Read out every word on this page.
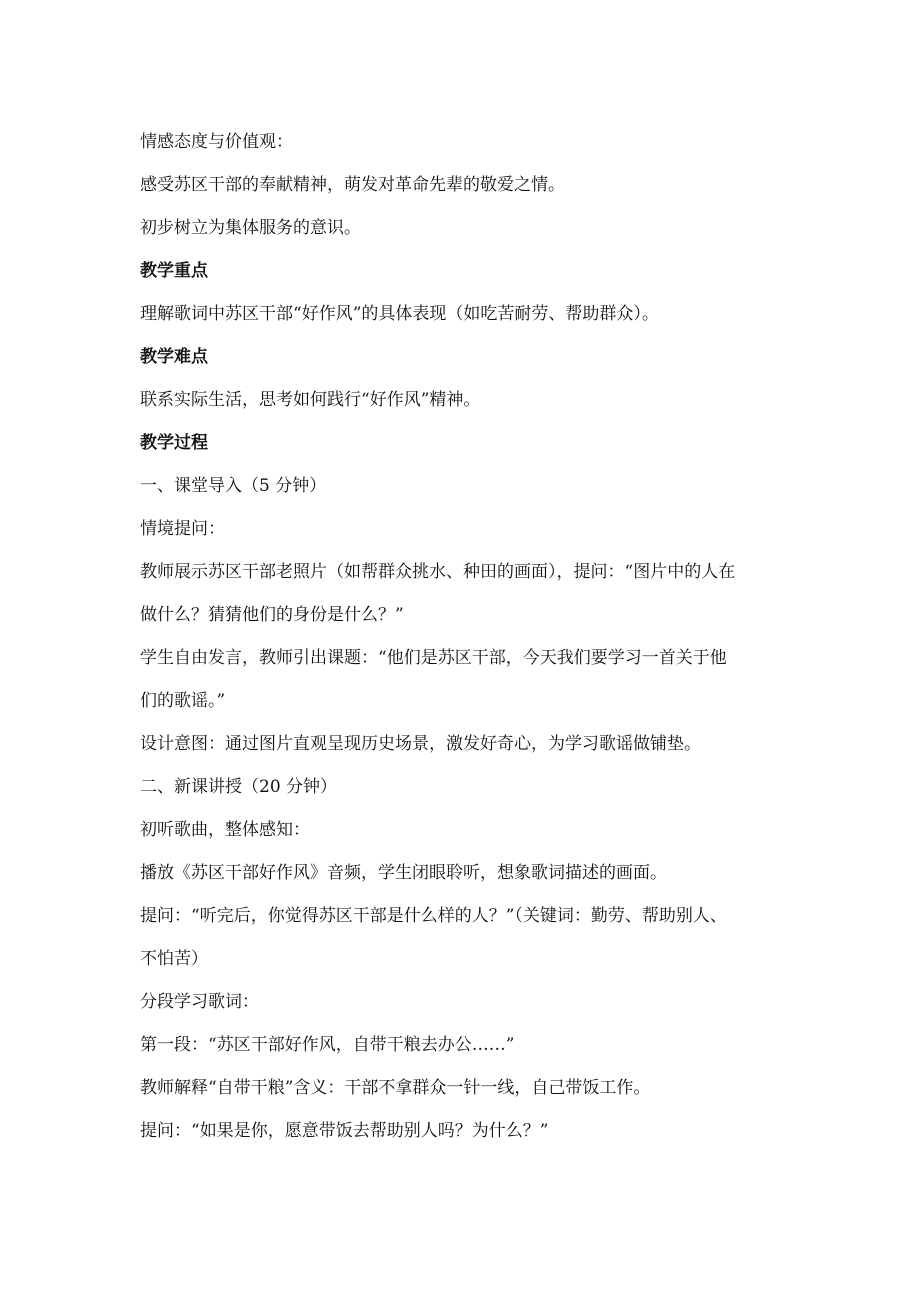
情感态度与价值观：
感受苏区干部的奉献精神，萌发对革命先辈的敬爱之情。
初步树立为集体服务的意识。
教学重点
理解歌词中苏区干部“好作风”的具体表现（如吃苦耐劳、帮助群众）。
教学难点
联系实际生活，思考如何践行“好作风”精神。
教学过程
一、课堂导入（5 分钟）
情境提问：
教师展示苏区干部老照片（如帮群众挑水、种田的画面），提问：“图片中的人在
做什么？猜猜他们的身份是什么？”
学生自由发言，教师引出课题：“他们是苏区干部，今天我们要学习一首关于他
们的歌谣。”
设计意图：通过图片直观呈现历史场景，激发好奇心，为学习歌谣做铺垫。
二、新课讲授（20 分钟）
初听歌曲，整体感知：
播放《苏区干部好作风》音频，学生闭眼聆听，想象歌词描述的画面。
提问：“听完后，你觉得苏区干部是什么样的人？”（关键词：勤劳、帮助别人、
不怕苦）
分段学习歌词：
第一段：“苏区干部好作风，自带干粮去办公……”
教师解释“自带干粮”含义：干部不拿群众一针一线，自己带饭工作。
提问：“如果是你，愿意带饭去帮助别人吗？为什么？”
